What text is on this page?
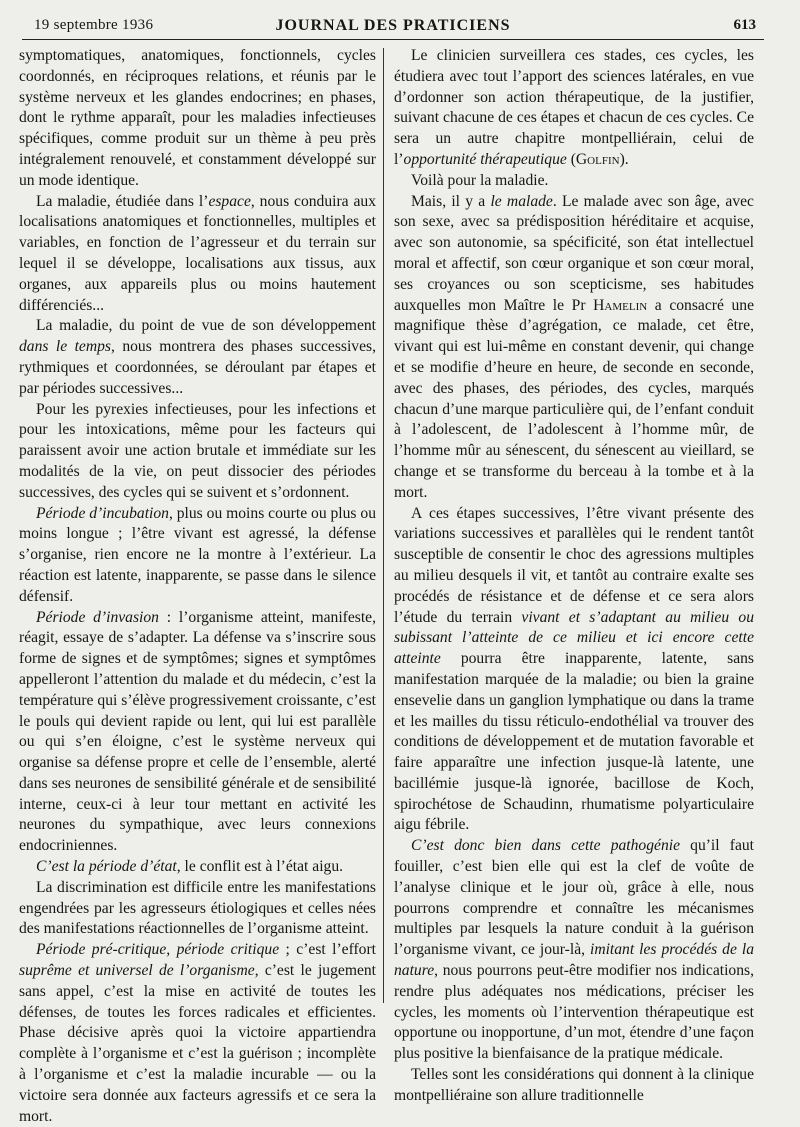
19 septembre 1936	JOURNAL DES PRATICIENS	613

symptomatiques, anatomiques, fonctionnels, cycles coordonnés, en réciproques relations, et réunis par le système nerveux et les glandes endocrines; en phases, dont le rythme apparaît, pour les maladies infectieuses spécifiques, comme produit sur un thème à peu près intégralement renouvelé, et constamment développé sur un mode identique.

La maladie, étudiée dans l’espace, nous conduira aux localisations anatomiques et fonctionnelles, multiples et variables, en fonction de l’agresseur et du terrain sur lequel il se développe, localisations aux tissus, aux organes, aux appareils plus ou moins hautement différenciés...

La maladie, du point de vue de son développement dans le temps, nous montrera des phases successives, rythmiques et coordonnées, se déroulant par étapes et par périodes successives...

Pour les pyrexies infectieuses, pour les infections et pour les intoxications, même pour les facteurs qui paraissent avoir une action brutale et immédiate sur les modalités de la vie, on peut dissocier des périodes successives, des cycles qui se suivent et s’ordonnent.

Période d’incubation, plus ou moins courte ou plus ou moins longue ; l’être vivant est agressé, la défense s’organise, rien encore ne la montre à l’extérieur. La réaction est latente, inapparente, se passe dans le silence défensif.

Période d’invasion : l’organisme atteint, manifeste, réagit, essaye de s’adapter. La défense va s’inscrire sous forme de signes et de symptômes; signes et symptômes appelleront l’attention du malade et du médecin, c’est la température qui s’élève progressivement croissante, c’est le pouls qui devient rapide ou lent, qui lui est parallèle ou qui s’en éloigne, c’est le système nerveux qui organise sa défense propre et celle de l’ensemble, alerté dans ses neurones de sensibilité générale et de sensibilité interne, ceux-ci à leur tour mettant en activité les neurones du sympathique, avec leurs connexions endocriniennes.

C’est la période d’état, le conflit est à l’état aigu.

La discrimination est difficile entre les manifestations engendrées par les agresseurs étiologiques et celles nées des manifestations réactionnelles de l’organisme atteint.

Période pré-critique, période critique ; c’est l’effort suprême et universel de l’organisme, c’est le jugement sans appel, c’est la mise en activité de toutes les défenses, de toutes les forces radicales et efficientes. Phase décisive après quoi la victoire appartiendra complète à l’organisme et c’est la guérison ; incomplète à l’organisme et c’est la maladie incurable — ou la victoire sera donnée aux facteurs agressifs et ce sera la mort.

Le clinicien surveillera ces stades, ces cycles, les étudiera avec tout l’apport des sciences latérales, en vue d’ordonner son action thérapeutique, de la justifier, suivant chacune de ces étapes et chacun de ces cycles. Ce sera un autre chapitre montpelliérain, celui de l’opportunité thérapeutique (Golfin).

Voilà pour la maladie.

Mais, il y a le malade. Le malade avec son âge, avec son sexe, avec sa prédisposition héréditaire et acquise, avec son autonomie, sa spécificité, son état intellectuel moral et affectif, son cœur organique et son cœur moral, ses croyances ou son scepticisme, ses habitudes auxquelles mon Maître le Pr Hamelin a consacré une magnifique thèse d’agrégation, ce malade, cet être, vivant qui est lui-même en constant devenir, qui change et se modifie d’heure en heure, de seconde en seconde, avec des phases, des périodes, des cycles, marqués chacun d’une marque particulière qui, de l’enfant conduit à l’adolescent, de l’adolescent à l’homme mûr, de l’homme mûr au sénescent, du sénescent au vieillard, se change et se transforme du berceau à la tombe et à la mort.

A ces étapes successives, l’être vivant présente des variations successives et parallèles qui le rendent tantôt susceptible de consentir le choc des agressions multiples au milieu desquels il vit, et tantôt au contraire exalte ses procédés de résistance et de défense et ce sera alors l’étude du terrain vivant et s’adaptant au milieu ou subissant l’atteinte de ce milieu et ici encore cette atteinte pourra être inapparente, latente, sans manifestation marquée de la maladie; ou bien la graine ensevelie dans un ganglion lymphatique ou dans la trame et les mailles du tissu réticulo-endothélial va trouver des conditions de développement et de mutation favorable et faire apparaître une infection jusque-là latente, une bacillémie jusque-là ignorée, bacillose de Koch, spirochétose de Schaudinn, rhumatisme polyarticulaire aigu fébrile.

C’est donc bien dans cette pathogénie qu’il faut fouiller, c’est bien elle qui est la clef de voûte de l’analyse clinique et le jour où, grâce à elle, nous pourrons comprendre et connaître les mécanismes multiples par lesquels la nature conduit à la guérison l’organisme vivant, ce jour-là, imitant les procédés de la nature, nous pourrons peut-être modifier nos indications, rendre plus adéquates nos médications, préciser les cycles, les moments où l’intervention thérapeutique est opportune ou inopportune, d’un mot, étendre d’une façon plus positive la bienfaisance de la pratique médicale.

Telles sont les considérations qui donnent à la clinique montpelliéraine son allure traditionnelle
